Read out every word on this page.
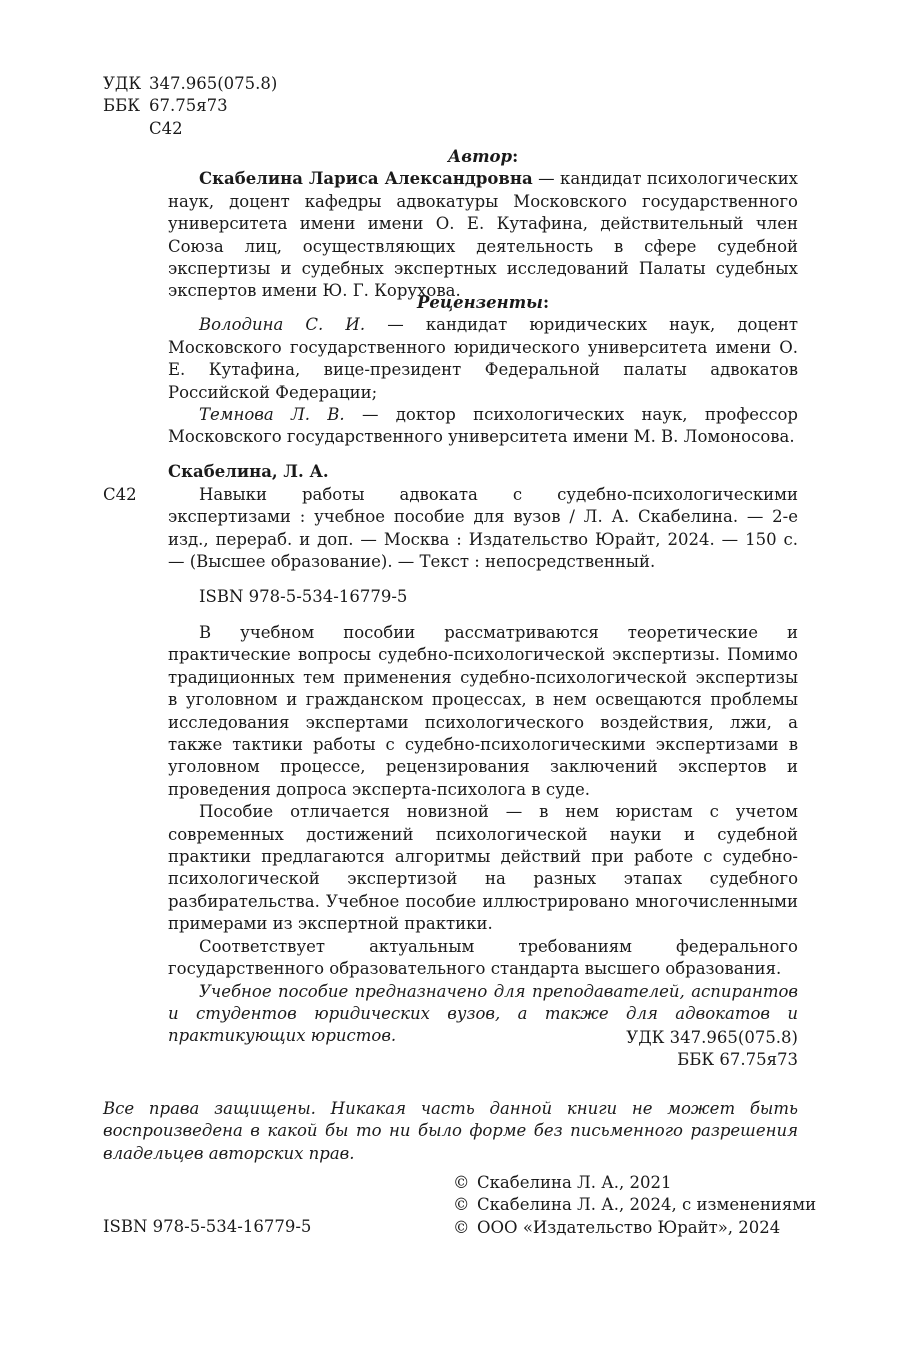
УДК 347.965(075.8)
ББК 67.75я73
С42
Автор:

Скабелина Лариса Александровна — кандидат психологических наук, доцент кафедры адвокатуры Московского государственного университета имени имени О. Е. Кутафина, действительный член Союза лиц, осуществляющих деятельность в сфере судебной экспертизы и судебных экспертных исследований Палаты судебных экспертов имени Ю. Г. Корухова.

Рецензенты:

Володина С. И. — кандидат юридических наук, доцент Московского государственного юридического университета имени О. Е. Кутафина, вице-президент Федеральной палаты адвокатов Российской Федерации;

Темнова Л. В. — доктор психологических наук, профессор Московского государственного университета имени М. В. Ломоносова.

Скабелина, Л. А.
С42	Навыки работы адвоката с судебно-психологическими экспертизами : учебное пособие для вузов / Л. А. Скабелина. — 2-е изд., перераб. и доп. — Москва : Издательство Юрайт, 2024. — 150 с. — (Высшее образование). — Текст : непосредственный.

ISBN 978-5-534-16779-5

В учебном пособии рассматриваются теоретические и практические вопросы судебно-психологической экспертизы. Помимо традиционных тем применения судебно-психологической экспертизы в уголовном и гражданском процессах, в нем освещаются проблемы исследования экспертами психологического воздействия, лжи, а также тактики работы с судебно-психологическими экспертизами в уголовном процессе, рецензирования заключений экспертов и проведения допроса эксперта-психолога в суде.

Пособие отличается новизной — в нем юристам с учетом современных достижений психологической науки и судебной практики предлагаются алгоритмы действий при работе с судебно-психологической экспертизой на разных этапах судебного разбирательства. Учебное пособие иллюстрировано многочисленными примерами из экспертной практики.

Соответствует актуальным требованиям федерального государственного образовательного стандарта высшего образования.

Учебное пособие предназначено для преподавателей, аспирантов и студентов юридических вузов, а также для адвокатов и практикующих юристов.	УДК 347.965(075.8)
ББК 67.75я73
Все права защищены. Никакая часть данной книги не может быть воспроизведена в какой бы то ни было форме без письменного разрешения владельцев авторских прав.
© Скабелина Л. А., 2021
© Скабелина Л. А., 2024, с изменениями
© ООО «Издательство Юрайт», 2024
ISBN 978-5-534-16779-5
